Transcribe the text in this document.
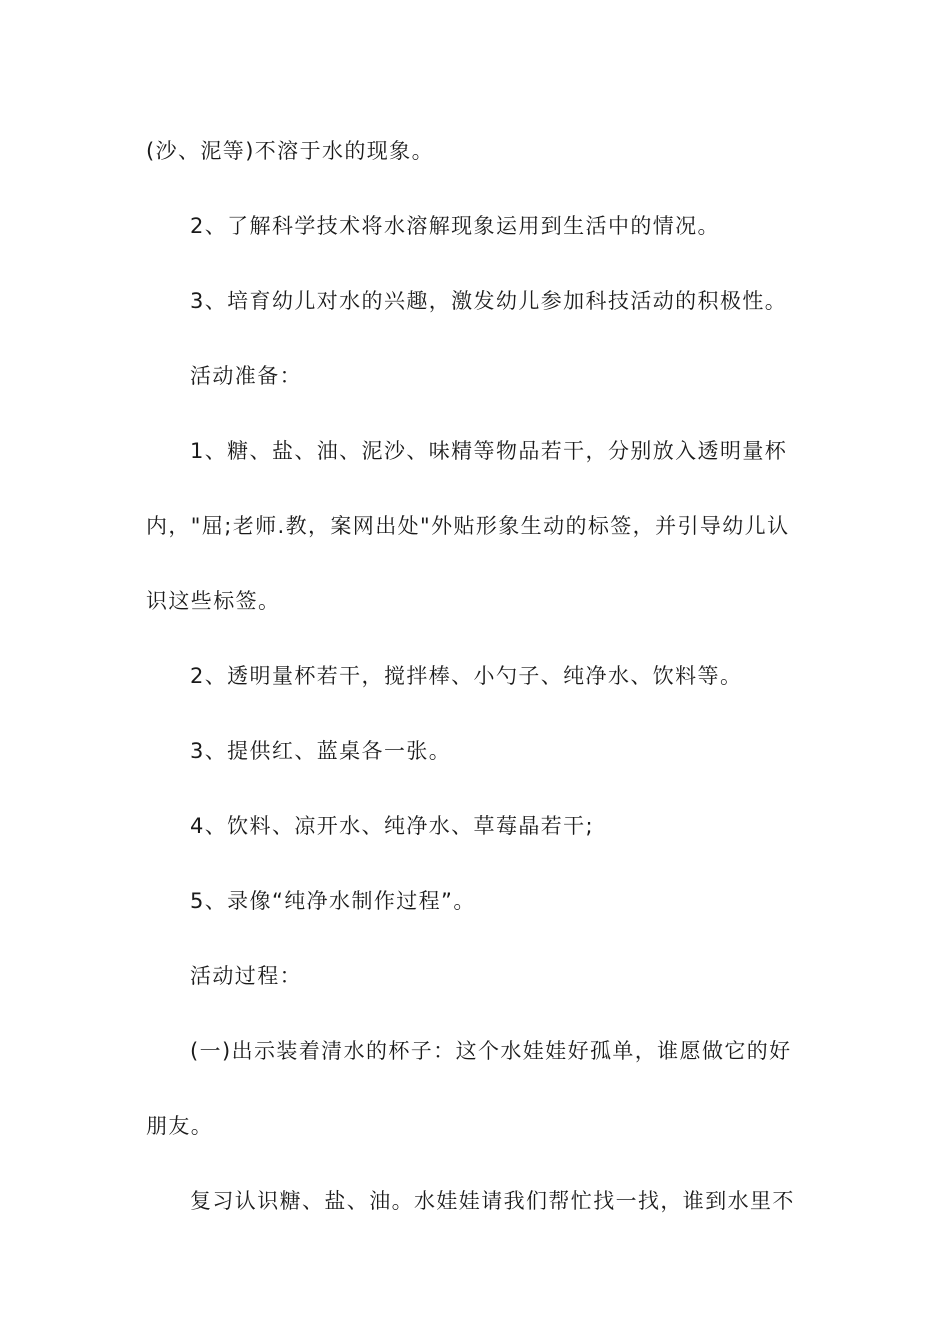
(沙、泥等)不溶于水的现象。
2、了解科学技术将水溶解现象运用到生活中的情况。
3、培育幼儿对水的兴趣，激发幼儿参加科技活动的积极性。
活动准备：
1、糖、盐、油、泥沙、味精等物品若干，分别放入透明量杯
内，"屈;老师.教，案网出处"外贴形象生动的标签，并引导幼儿认
识这些标签。
2、透明量杯若干，搅拌棒、小勺子、纯净水、饮料等。
3、提供红、蓝桌各一张。
4、饮料、凉开水、纯净水、草莓晶若干;
5、录像“纯净水制作过程”。
活动过程：
(一)出示装着清水的杯子：这个水娃娃好孤单，谁愿做它的好
朋友。
复习认识糖、盐、油。水娃娃请我们帮忙找一找，谁到水里不
